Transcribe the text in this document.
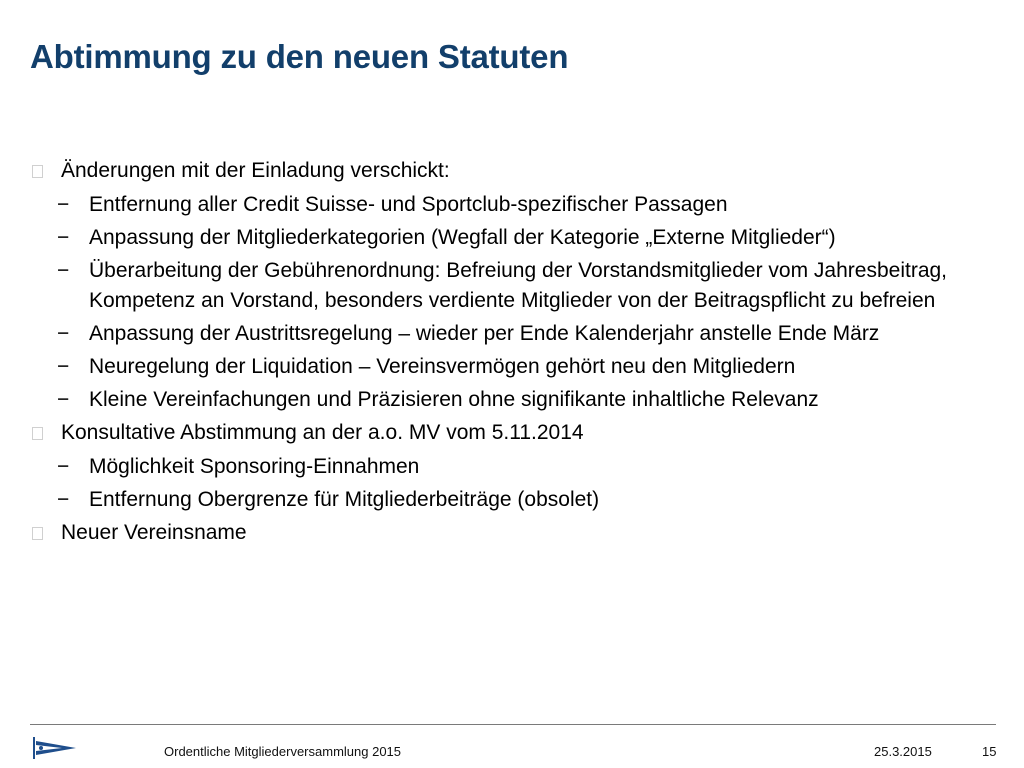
Abtimmung zu den neuen Statuten
Änderungen mit der Einladung verschickt:
− Entfernung aller Credit Suisse- und Sportclub-spezifischer Passagen
− Anpassung der Mitgliederkategorien (Wegfall der Kategorie „Externe Mitglieder“)
− Überarbeitung der Gebührenordnung: Befreiung der Vorstandsmitglieder vom Jahresbeitrag, Kompetenz an Vorstand, besonders verdiente Mitglieder von der Beitragspflicht zu befreien
− Anpassung der Austrittsregelung – wieder per Ende Kalenderjahr anstelle Ende März
− Neuregelung der Liquidation – Vereinsvermögen gehört neu den Mitgliedern
− Kleine Vereinfachungen und Präzisieren ohne signifikante inhaltliche Relevanz
Konsultative Abstimmung an der a.o. MV vom 5.11.2014
− Möglichkeit Sponsoring-Einnahmen
− Entfernung Obergrenze für Mitgliederbeiträge (obsolet)
Neuer Vereinsname
Ordentliche Mitgliederversammlung 2015	25.3.2015	15
